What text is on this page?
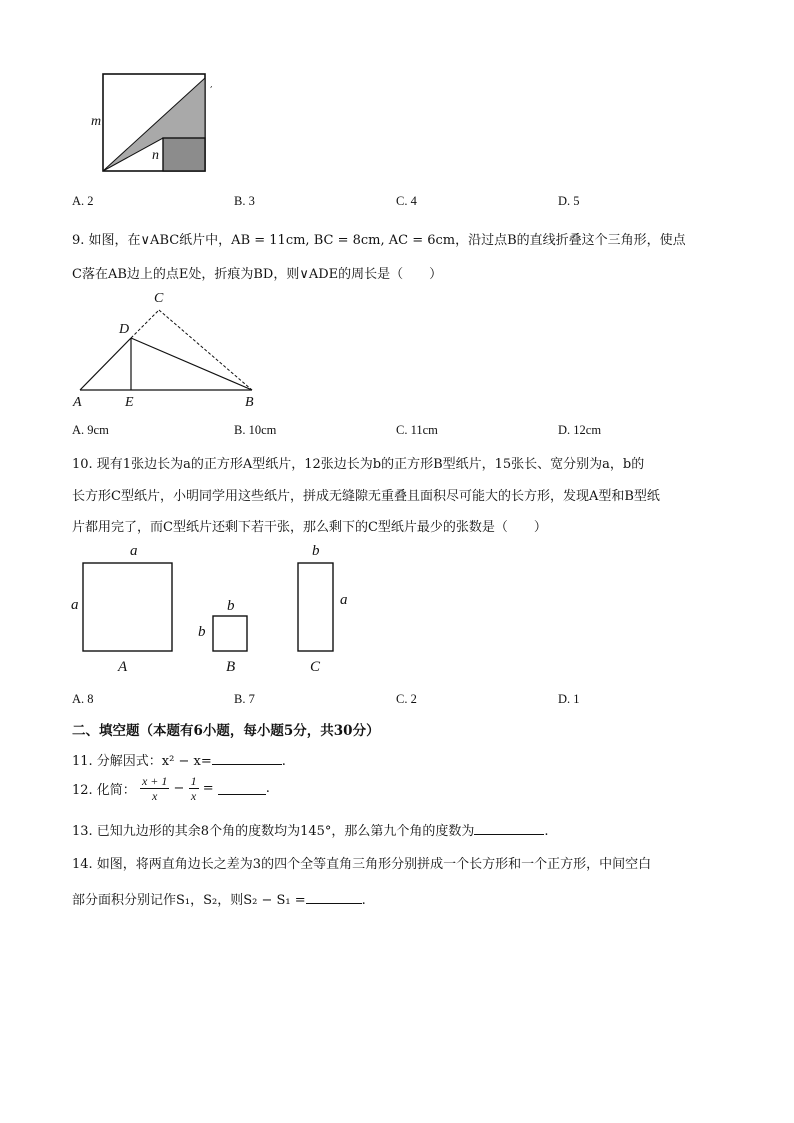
m
n
,
A. 2	B. 3	C. 4	D. 5
9. 如图，在∨ABC纸片中，AB = 11cm, BC = 8cm, AC = 6cm，沿过点B的直线折叠这个三角形，使点
C落在AB边上的点E处，折痕为BD，则∨ADE的周长是（　　）
C
D
A	E	B
A. 9cm	B. 10cm	C. 11cm	D. 12cm
10. 现有1张边长为a的正方形A型纸片，12张边长为b的正方形B型纸片，15张长、宽分别为a，b的
长方形C型纸片，小明同学用这些纸片，拼成无缝隙无重叠且面积尽可能大的长方形，发现A型和B型纸
片都用完了，而C型纸片还剩下若干张，那么剩下的C型纸片最少的张数是（　　）
a
a
A
b
b
B
b
a
C
A. 8	B. 7	C. 2	D. 1
二、填空题（本题有6小题，每小题5分，共30分）
11. 分解因式：x² − x=	.
12. 化简： $\frac{x + 1}{x} - \frac{1}{x}$ =	.
13. 已知九边形的其余8个角的度数均为145°，那么第九个角的度数为	.
14. 如图，将两直角边长之差为3的四个全等直角三角形分别拼成一个长方形和一个正方形，中间空白
部分面积分别记作S₁，S₂，则S₂ − S₁ =	.
